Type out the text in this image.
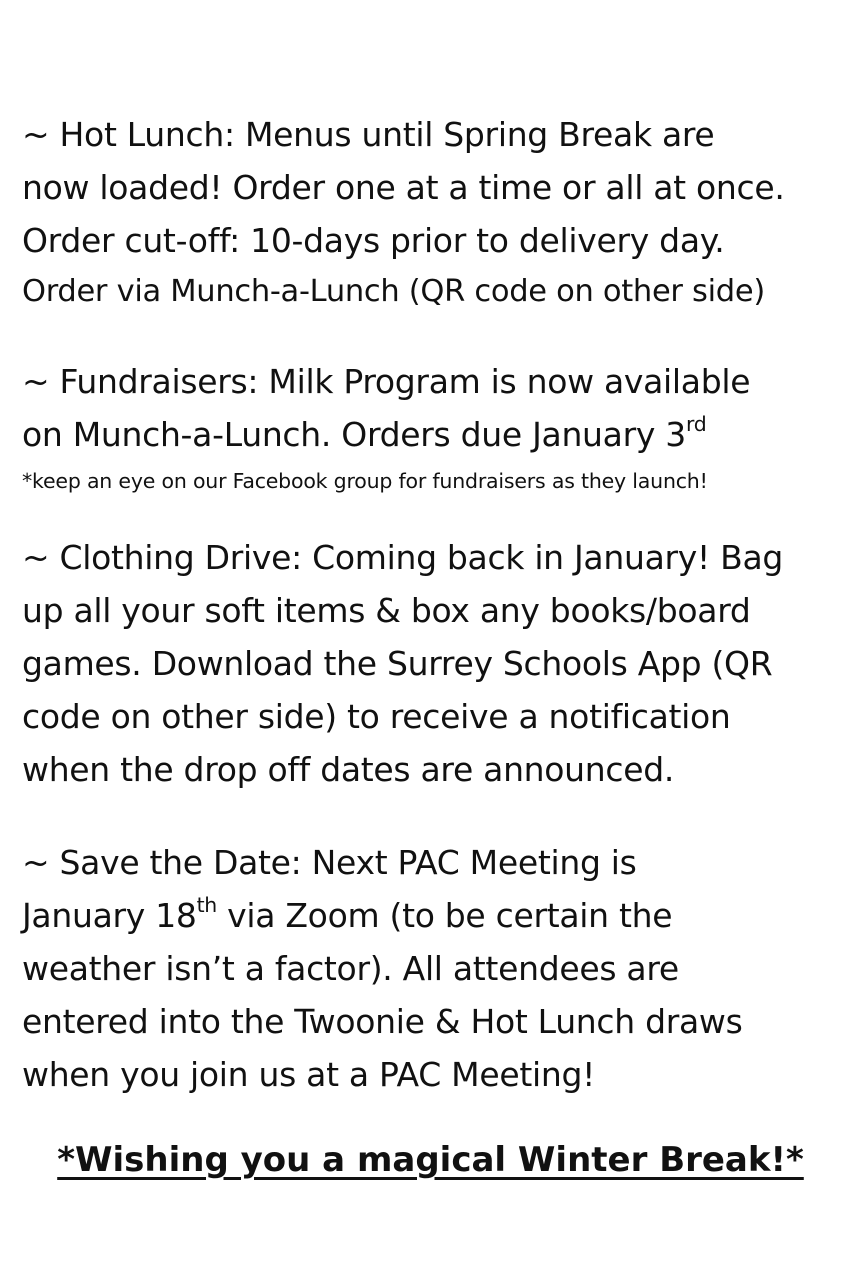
~ Hot Lunch: Menus until Spring Break are
now loaded! Order one at a time or all at once.
Order cut-off: 10-days prior to delivery day.
Order via Munch-a-Lunch (QR code on other side)
~ Fundraisers: Milk Program is now available
on Munch-a-Lunch. Orders due January 3rd
*keep an eye on our Facebook group for fundraisers as they launch!
~ Clothing Drive: Coming back in January! Bag
up all your soft items & box any books/board
games. Download the Surrey Schools App (QR
code on other side) to receive a notification
when the drop off dates are announced.
~ Save the Date: Next PAC Meeting is
January 18th via Zoom (to be certain the
weather isn’t a factor). All attendees are
entered into the Twoonie & Hot Lunch draws
when you join us at a PAC Meeting!
*Wishing you a magical Winter Break!*
